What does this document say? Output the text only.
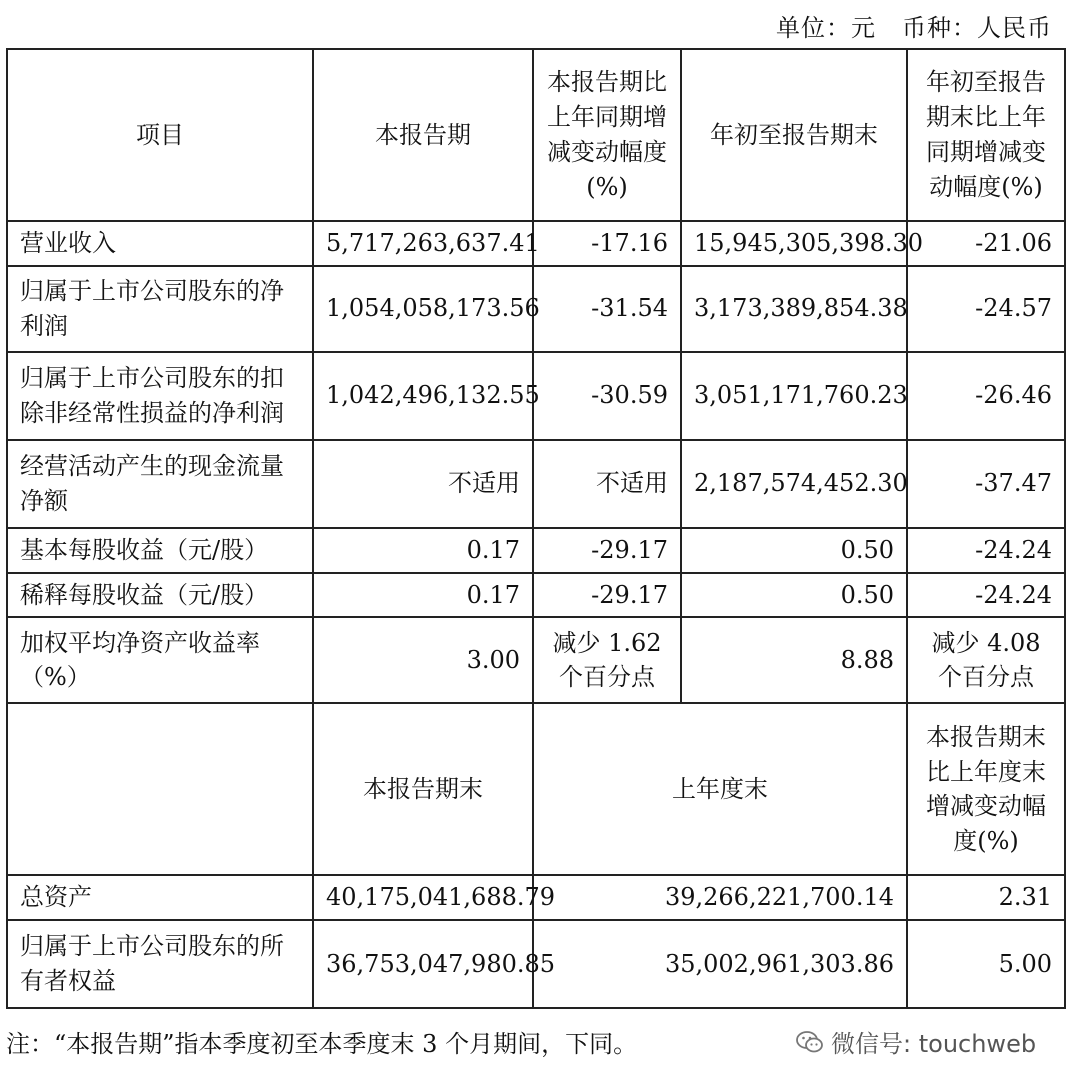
单位：元 币种：人民币
项目	本报告期	本报告期比上年同期增减变动幅度(%)	年初至报告期末	年初至报告期末比上年同期增减变动幅度(%)
营业收入	5,717,263,637.41	-17.16	15,945,305,398.30	-21.06
归属于上市公司股东的净利润	1,054,058,173.56	-31.54	3,173,389,854.38	-24.57
归属于上市公司股东的扣除非经常性损益的净利润	1,042,496,132.55	-30.59	3,051,171,760.23	-26.46
经营活动产生的现金流量净额	不适用	不适用	2,187,574,452.30	-37.47
基本每股收益（元/股）	0.17	-29.17	0.50	-24.24
稀释每股收益（元/股）	0.17	-29.17	0.50	-24.24
加权平均净资产收益率（%）	3.00	减少 1.62 个百分点	8.88	减少 4.08 个百分点
	本报告期末	上年度末		本报告期末比上年度末增减变动幅度(%)
总资产	40,175,041,688.79	39,266,221,700.14		2.31
归属于上市公司股东的所有者权益	36,753,047,980.85	35,002,961,303.86		5.00
注：“本报告期”指本季度初至本季度末 3 个月期间，下同。	微信号: touchweb
